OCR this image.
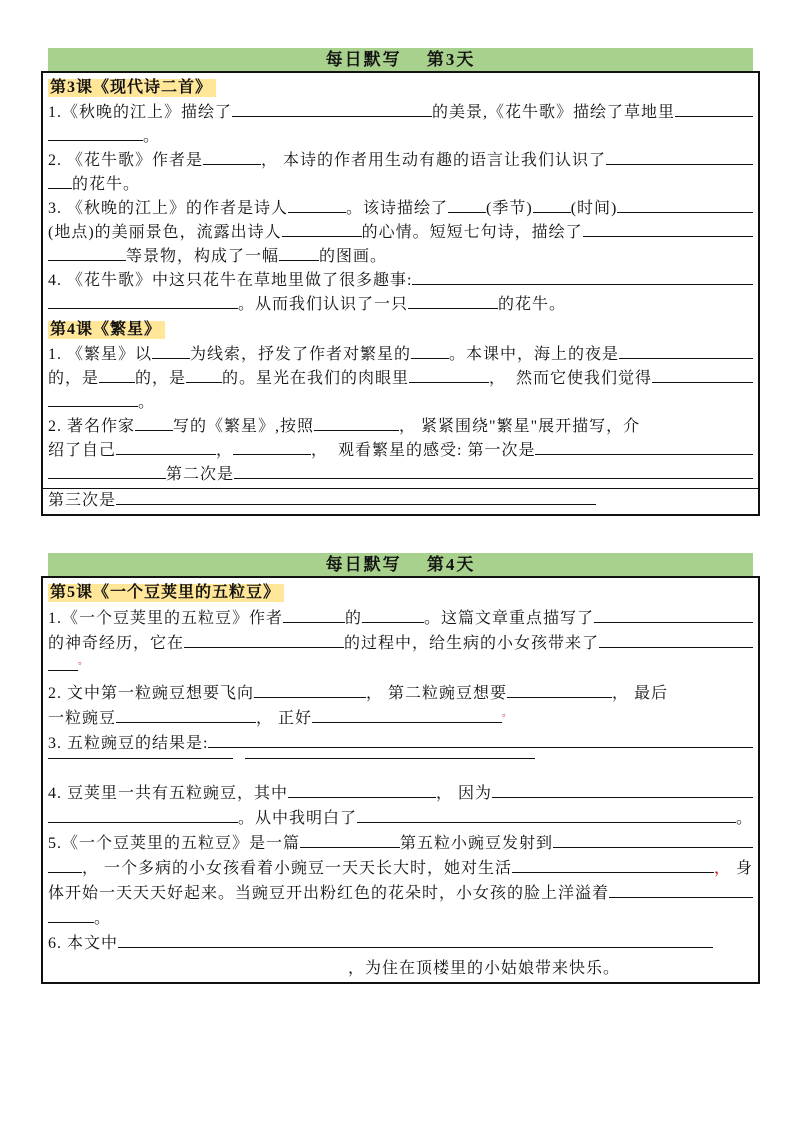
每日默写　 第3天
第3课《现代诗二首》
1.《秋晚的江上》描绘了	的美景,《花牛歌》描绘了草地里
。
2. 《花牛歌》作者是	， 本诗的作者用生动有趣的语言让我们认识了
的花牛。
3. 《秋晚的江上》的作者是诗人	。该诗描绘了 (季节) (时间)
(地点)的美丽景色，流露出诗人	的心情。短短七句诗，描绘了
等景物，构成了一幅	的图画。
4. 《花牛歌》中这只花牛在草地里做了很多趣事:
。从而我们认识了一只	的花牛。
第4课《繁星》
1. 《繁星》以 为线索，抒发了作者对繁星的 。本课中，海上的夜是
的，是 的，是 的。星光在我们的肉眼里	，  然而它使我们觉得
。
2. 著名作家 写的《繁星》,按照	， 紧紧围绕"繁星"展开描写，介
绍了自己	，	，  观看繁星的感受: 第一次是
第二次是
第三次是
每日默写　 第4天
第5课《一个豆荚里的五粒豆》
1.《一个豆荚里的五粒豆》作者	的	。这篇文章重点描写了
的神奇经历，它在	的过程中，给生病的小女孩带来了
。
2. 文中第一粒豌豆想要飞向	， 第二粒豌豆想要	， 最后
一粒豌豆	， 正好	。
3. 五粒豌豆的结果是:
4. 豆荚里一共有五粒豌豆，其中	， 因为
。从中我明白了	。
5.《一个豆荚里的五粒豆》是一篇	第五粒小豌豆发射到
， 一个多病的小女孩看着小豌豆一天天长大时，她对生活	， 身
体开始一天天天好起来。当豌豆开出粉红色的花朵时，小女孩的脸上洋溢着
。
6. 本文中
，为住在顶楼里的小姑娘带来快乐。
